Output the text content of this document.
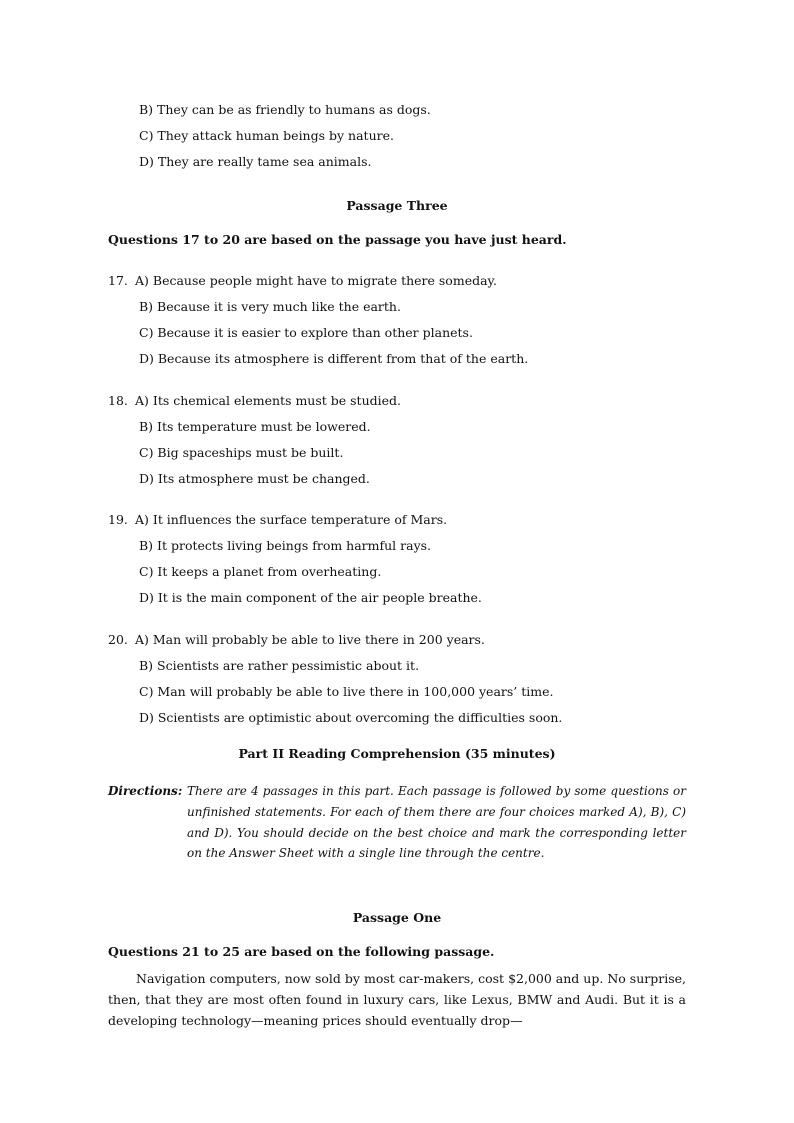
B) They can be as friendly to humans as dogs.
C) They attack human beings by nature.
D) They are really tame sea animals.
Passage Three
Questions 17 to 20 are based on the passage you have just heard.
17. A) Because people might have to migrate there someday.
B) Because it is very much like the earth.
C) Because it is easier to explore than other planets.
D) Because its atmosphere is different from that of the earth.
18. A) Its chemical elements must be studied.
B) Its temperature must be lowered.
C) Big spaceships must be built.
D) Its atmosphere must be changed.
19. A) It influences the surface temperature of Mars.
B) It protects living beings from harmful rays.
C) It keeps a planet from overheating.
D) It is the main component of the air people breathe.
20. A) Man will probably be able to live there in 200 years.
B) Scientists are rather pessimistic about it.
C) Man will probably be able to live there in 100,000 years’ time.
D) Scientists are optimistic about overcoming the difficulties soon.
Part II Reading Comprehension (35 minutes)
Directions: There are 4 passages in this part. Each passage is followed by some questions or unfinished statements. For each of them there are four choices marked A), B), C) and D). You should decide on the best choice and mark the corresponding letter on the Answer Sheet with a single line through the centre.
Passage One
Questions 21 to 25 are based on the following passage.
Navigation computers, now sold by most car-makers, cost $2,000 and up. No surprise, then, that they are most often found in luxury cars, like Lexus, BMW and Audi. But it is a developing technology—meaning prices should eventually drop—
